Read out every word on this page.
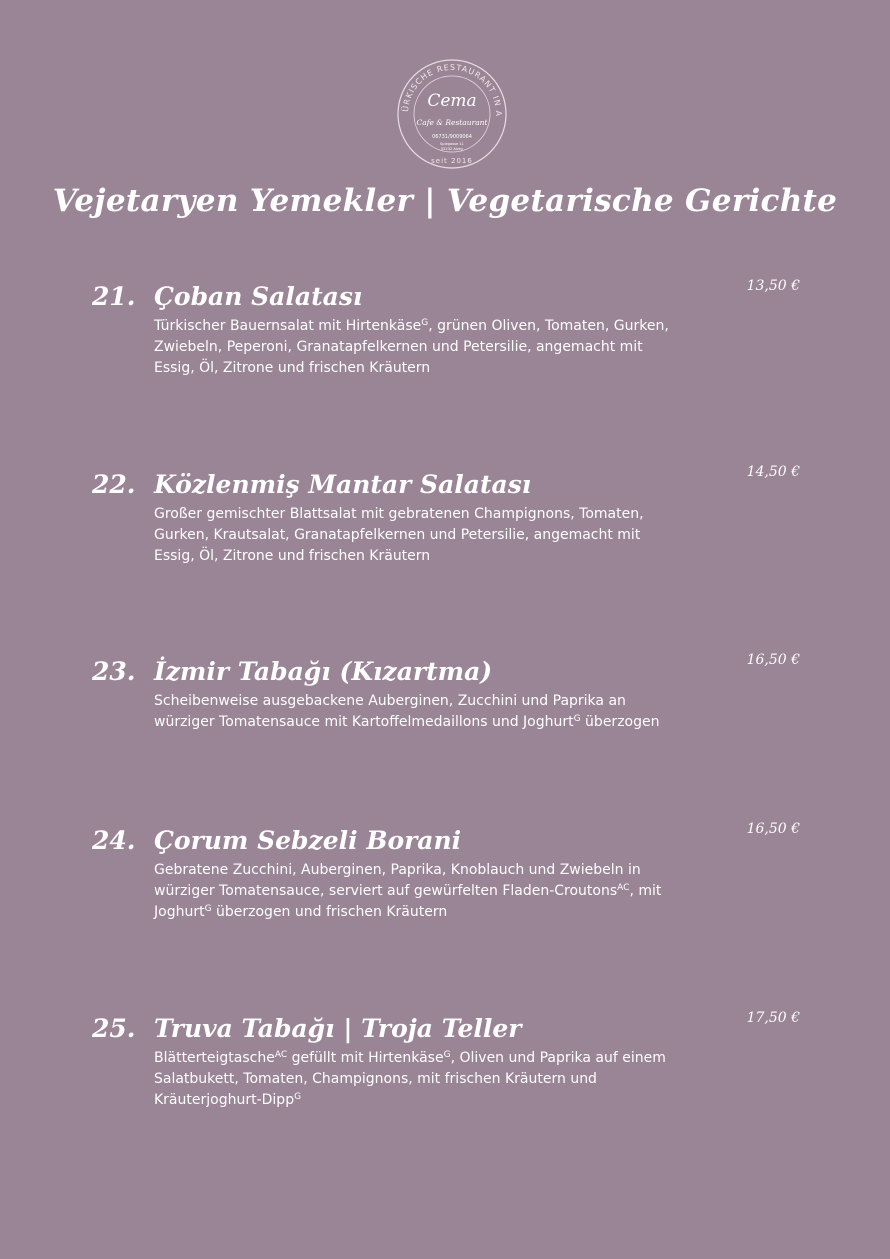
ÜRKISCHE RESTAURANT IN A
Cema
Cafe & Restaurant
06731/9009064
Spiegasse 11
55232 Alzey
seit 2016
Vejetaryen Yemekler | Vegetarische Gerichte
21. Çoban Salatası	13,50 €
Türkischer Bauernsalat mit Hirtenkäse$^G$, grünen Oliven, Tomaten, Gurken,
Zwiebeln, Peperoni, Granatapfelkernen und Petersilie, angemacht mit
Essig, Öl, Zitrone und frischen Kräutern
22. Közlenmiş Mantar Salatası	14,50 €
Großer gemischter Blattsalat mit gebratenen Champignons, Tomaten,
Gurken, Krautsalat, Granatapfelkernen und Petersilie, angemacht mit
Essig, Öl, Zitrone und frischen Kräutern
23. İzmir Tabağı (Kızartma)	16,50 €
Scheibenweise ausgebackene Auberginen, Zucchini und Paprika an
würziger Tomatensauce mit Kartoffelmedaillons und Joghurt$^G$ überzogen
24. Çorum Sebzeli Borani	16,50 €
Gebratene Zucchini, Auberginen, Paprika, Knoblauch und Zwiebeln in
würziger Tomatensauce, serviert auf gewürfelten Fladen-Croutons$^{AC}$, mit
Joghurt$^G$ überzogen und frischen Kräutern
25. Truva Tabağı | Troja Teller	17,50 €
Blätterteigtasche$^{AC}$ gefüllt mit Hirtenkäse$^G$, Oliven und Paprika auf einem
Salatbukett, Tomaten, Champignons, mit frischen Kräutern und
Kräuterjoghurt-Dipp$^G$
